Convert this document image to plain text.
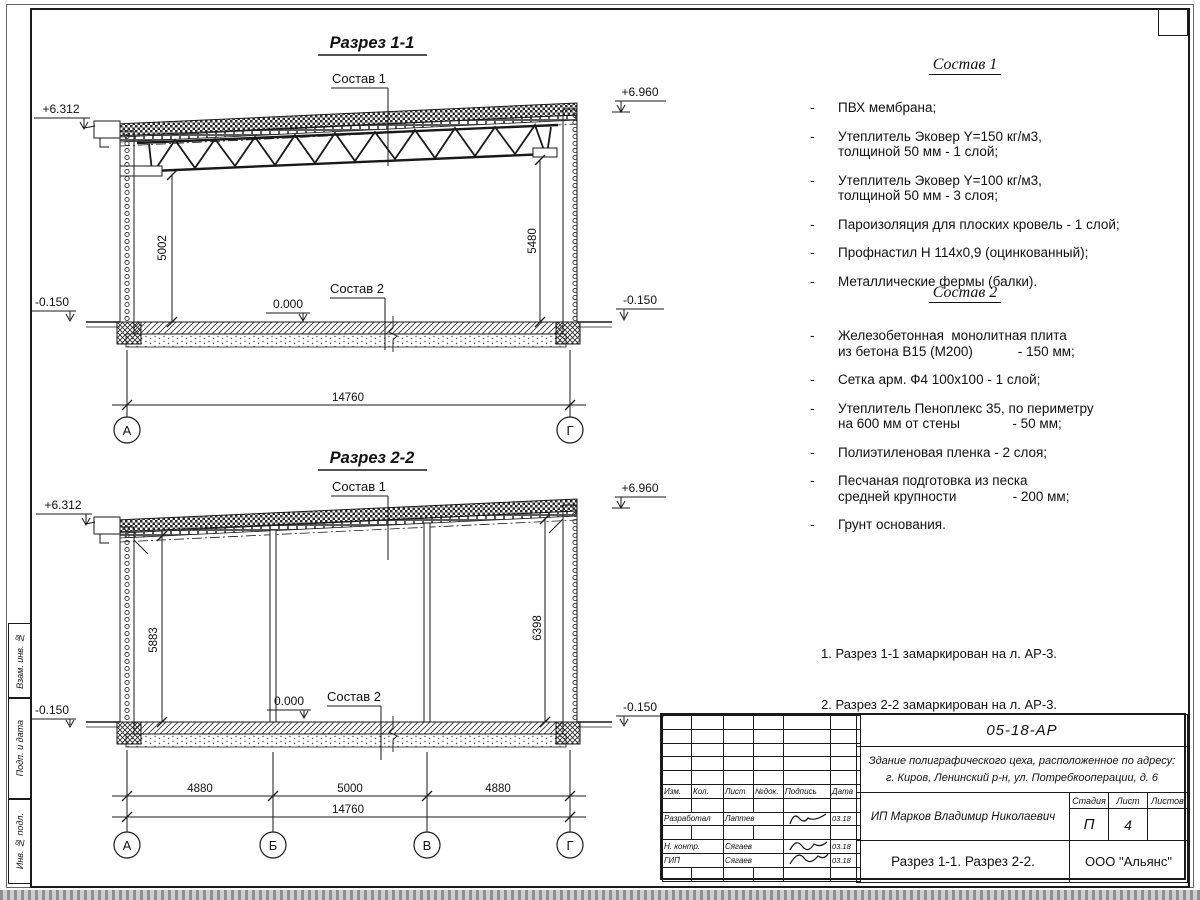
Взам. инв. №
Подп. и дата
Инв. № подл.
Разрез 1-1
Состав 1
Состав 2
+6.312
+6.960
0.000
-0.150	-0.150
5002	5480
14760
А	Г
Разрез 2-2
Состав 1
Состав 2
+6.312
+6.960
0.000
-0.150	-0.150
5883	6398
4880	5000	4880
14760
А	Б	В	Г
Состав 1
-	ПВХ мембрана;
-	Утеплитель Эковер Y=150 кг/м3,
толщиной 50 мм - 1 слой;
-	Утеплитель Эковер Y=100 кг/м3,
толщиной 50 мм - 3 слоя;
-	Пароизоляция для плоских кровель - 1 слой;
-	Профнастил Н 114х0,9 (оцинкованный);
-	Металлические фермы (балки).
Состав 2
-	Железобетонная  монолитная плита
из бетона В15 (М200)            - 150 мм;
-	Сетка арм. Ф4 100х100 - 1 слой;
-	Утеплитель Пеноплекс 35, по периметру
на 600 мм от стены              - 50 мм;
-	Полиэтиленовая пленка - 2 слоя;
-	Песчаная подготовка из песка
средней крупности               - 200 мм;
-	Грунт основания.

1. Разрез 1-1 замаркирован на л. АР-3.

2. Разрез 2-2 замаркирован на л. АР-3.

Изм.	Кол.	Лист	№док.	Подпись	Дата

Разработал		Лаптев			03.18

Н. контр.		Сягаев			03.18
ГИП		Сягаев			03.18

05-18-АР
Здание полиграфического цеха, расположенное по адресу:
г. Киров, Ленинский р-н, ул. Потребкооперации, д. 6
ИП Марков Владимир Николаевич
Стадия	Лист	Листов
П	4
Разрез 1-1. Разрез 2-2.	ООО "Альянс"
